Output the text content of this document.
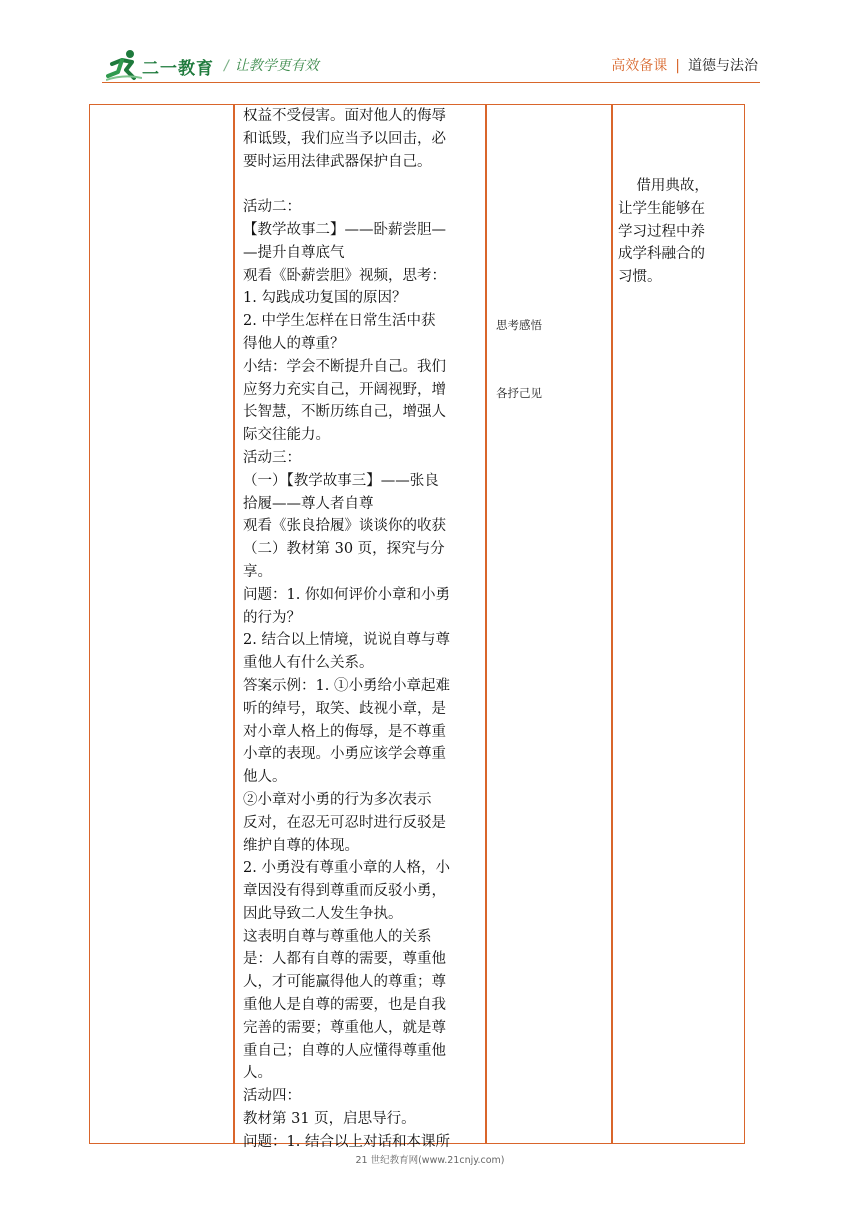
二一教育 / 让教学更有效	高效备课 | 道德与法治
权益不受侵害。面对他人的侮辱
和诋毁，我们应当予以回击，必
要时运用法律武器保护自己。
活动二：
【教学故事二】——卧薪尝胆—
—提升自尊底气
观看《卧薪尝胆》视频，思考：
1. 勾践成功复国的原因？
2. 中学生怎样在日常生活中获
得他人的尊重？
小结：学会不断提升自己。我们
应努力充实自己，开阔视野，增
长智慧，不断历练自己，增强人
际交往能力。
活动三：
（一）【教学故事三】——张良
拾履——尊人者自尊
观看《张良拾履》谈谈你的收获
（二）教材第 30 页，探究与分
享。
问题：1. 你如何评价小章和小勇
的行为？
2. 结合以上情境，说说自尊与尊
重他人有什么关系。
答案示例：1. ①小勇给小章起难
听的绰号，取笑、歧视小章，是
对小章人格上的侮辱，是不尊重
小章的表现。小勇应该学会尊重
他人。
②小章对小勇的行为多次表示
反对，在忍无可忍时进行反驳是
维护自尊的体现。
2. 小勇没有尊重小章的人格，小
章因没有得到尊重而反驳小勇，
因此导致二人发生争执。
这表明自尊与尊重他人的关系
是：人都有自尊的需要，尊重他
人，才可能赢得他人的尊重；尊
重他人是自尊的需要，也是自我
完善的需要；尊重他人，就是尊
重自己；自尊的人应懂得尊重他
人。
活动四：
教材第 31 页，启思导行。
问题：1. 结合以上对话和本课所
思考感悟
各抒己见
借用典故，
让学生能够在
学习过程中养
成学科融合的
习惯。
21 世纪教育网(www.21cnjy.com)
